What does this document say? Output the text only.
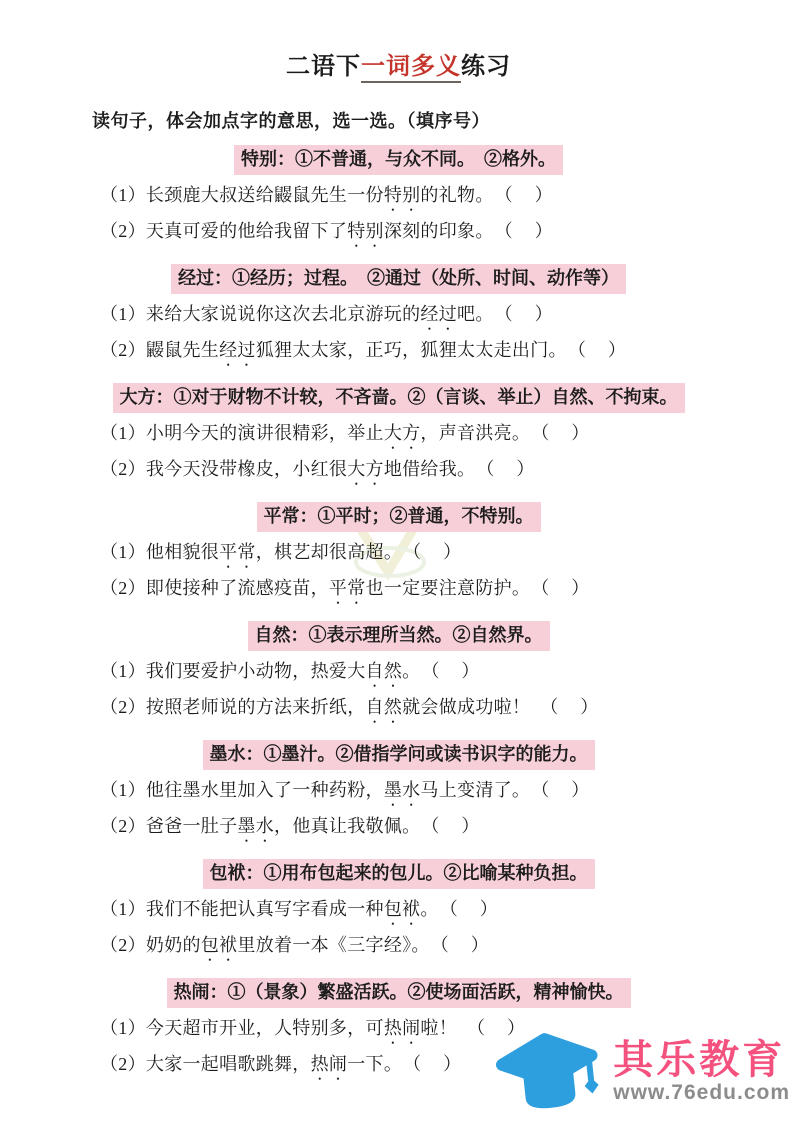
二语下一词多义练习

读句子，体会加点字的意思，选一选。（填序号）

特别：①不普通，与众不同。　②格外。
（1）长颈鹿大叔送给鼹鼠先生一份特别的礼物。 （　）
（2）天真可爱的他给我留下了特别深刻的印象。 （　）
经过：①经历；过程。　②通过（处所、时间、动作等）
（1）来给大家说说你这次去北京游玩的经过吧。 （　）
（2）鼹鼠先生经过狐狸太太家，正巧，狐狸太太走出门。 （　）
大方：①对于财物不计较，不吝啬。②（言谈、举止）自然、不拘束。
（1）小明今天的演讲很精彩，举止大方，声音洪亮。 （　）
（2）我今天没带橡皮，小红很大方地借给我。 （　）
平常：①平时；②普通，不特别。
（1）他相貌很平常，棋艺却很高超。 （　）
（2）即使接种了流感疫苗，平常也一定要注意防护。 （　）
自然：①表示理所当然。②自然界。
（1）我们要爱护小动物，热爱大自然。 （　）
（2）按照老师说的方法来折纸，自然就会做成功啦！ （　）
墨水：①墨汁。②借指学问或读书识字的能力。
（1）他往墨水里加入了一种药粉，墨水马上变清了。 （　）
（2）爸爸一肚子墨水，他真让我敬佩。 （　）
包袱：①用布包起来的包儿。②比喻某种负担。
（1）我们不能把认真写字看成一种包袱。 （　）
（2）奶奶的包袱里放着一本《三字经》。 （　）
热闹：①（景象）繁盛活跃。②使场面活跃，精神愉快。
（1）今天超市开业，人特别多，可热闹啦！ （　）
（2）大家一起唱歌跳舞，热闹一下。 （　）	其乐教育
www.76edu.com
